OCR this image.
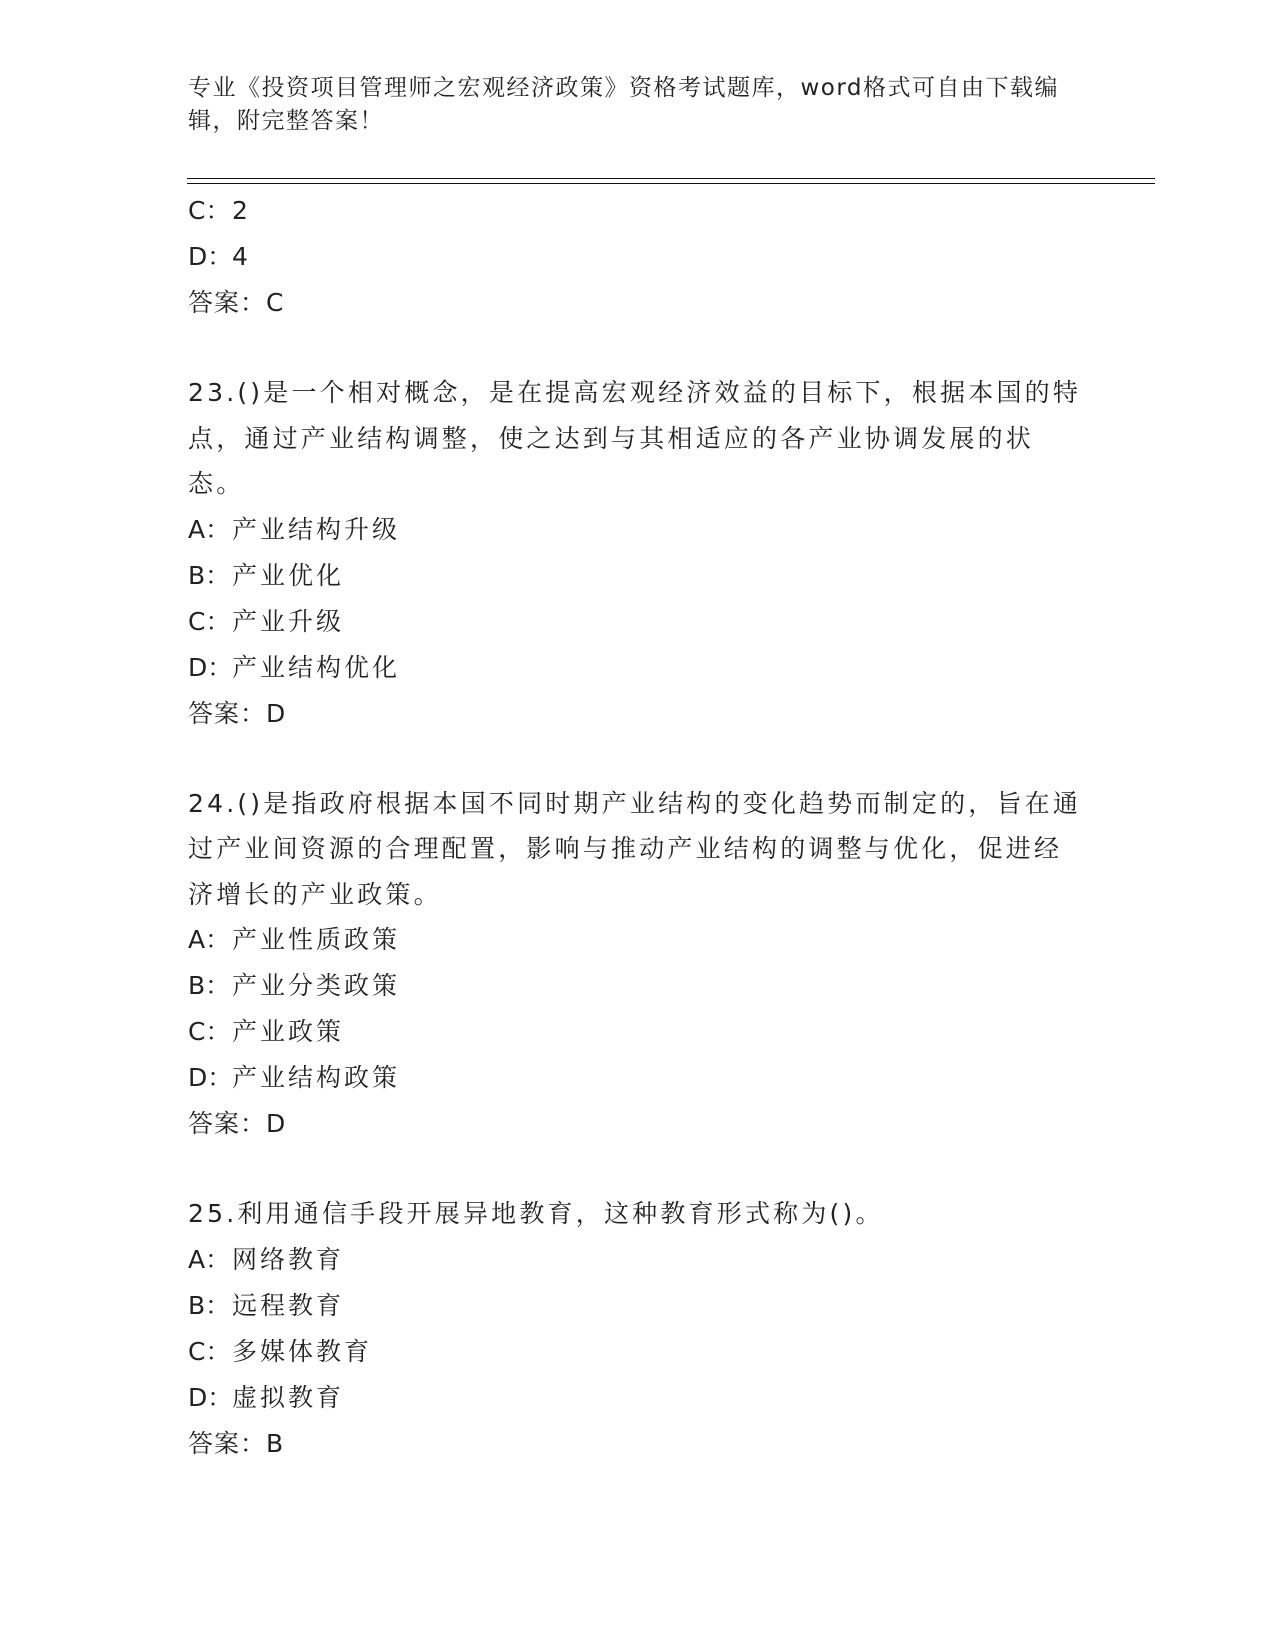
专业《投资项目管理师之宏观经济政策》资格考试题库，word格式可自由下载编
辑，附完整答案！
C：2
D：4
答案：C
23.()是一个相对概念，是在提高宏观经济效益的目标下，根据本国的特点，通过产业结构调整，使之达到与其相适应的各产业协调发展的状态。
A：产业结构升级
B：产业优化
C：产业升级
D：产业结构优化
答案：D
24.()是指政府根据本国不同时期产业结构的变化趋势而制定的，旨在通过产业间资源的合理配置，影响与推动产业结构的调整与优化，促进经济增长的产业政策。
A：产业性质政策
B：产业分类政策
C：产业政策
D：产业结构政策
答案：D
25.利用通信手段开展异地教育，这种教育形式称为()。
A：网络教育
B：远程教育
C：多媒体教育
D：虚拟教育
答案：B
